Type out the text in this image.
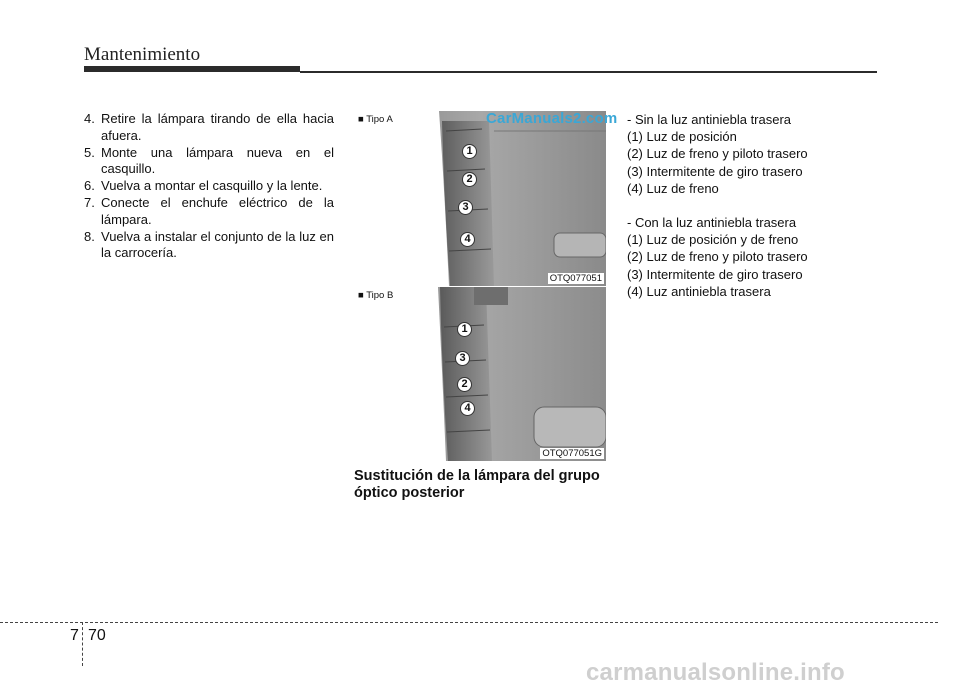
Mantenimiento
4. Retire la lámpara tirando de ella hacia afuera.
5. Monte una lámpara nueva en el casquillo.
6. Vuelva a montar el casquillo y la lente.
7. Conecte el enchufe eléctrico de la lámpara.
8. Vuelva a instalar el conjunto de la luz en la carrocería.
■ Tipo A
1
2
3
4
OTQ077051
■ Tipo B
1
3
2
4
OTQ077051G
CarManuals2.com
Sustitución de la lámpara del grupo óptico posterior
- Sin la luz antiniebla trasera
(1) Luz de posición
(2) Luz de freno y piloto trasero
(3) Intermitente de giro trasero
(4) Luz de freno
- Con la luz antiniebla trasera
(1) Luz de posición y de freno
(2) Luz de freno y piloto trasero
(3) Intermitente de giro trasero
(4) Luz antiniebla trasera
7 70
carmanualsonline.info
